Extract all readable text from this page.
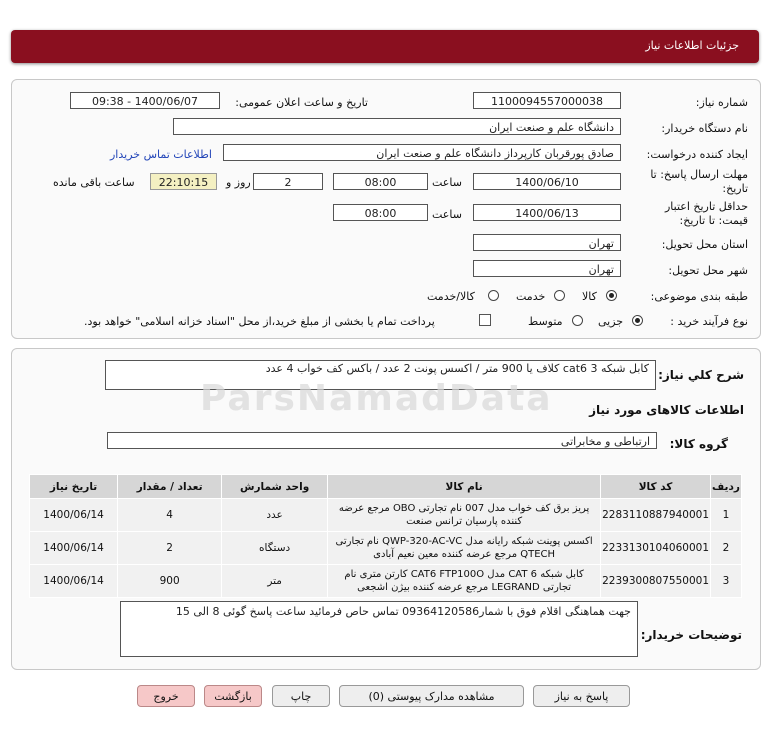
جزئیات اطلاعات نیاز
شماره نیاز:
1100094557000038
تاریخ و ساعت اعلان عمومی:
1400/06/07 - 09:38
نام دستگاه خریدار:
دانشگاه علم و صنعت ایران
ایجاد کننده درخواست:
صادق پورقربان کارپرداز دانشگاه علم و صنعت ایران
اطلاعات تماس خریدار
مهلت ارسال پاسخ: تا
تاریخ:
1400/06/10
ساعت
08:00
2
روز و
22:10:15
ساعت باقی مانده
حداقل تاریخ اعتبار
قیمت: تا تاریخ:
1400/06/13
ساعت
08:00
استان محل تحویل:
تهران
شهر محل تحویل:
تهران
طبقه بندی موضوعی:
کالا
خدمت
کالا/خدمت
نوع فرآیند خرید :
جزیی
متوسط
پرداخت تمام یا بخشی از مبلغ خرید،از محل "اسناد خزانه اسلامی" خواهد بود.
شرح كلي نياز:
کابل شبکه cat6 3 کلاف یا 900 متر / اکسس پونت 2 عدد / باکس کف خواب 4 عدد
ParsNamadData	اطلاعات کالاهای مورد نیاز
گروه کالا:
ارتباطی و مخابراتی
ردیف	کد کالا	نام کالا	واحد شمارش	تعداد / مقدار	تاریخ نیاز
1	2283110887940001	پریز برق کف خواب مدل 007 نام تجارتی OBO مرجع عرضه کننده پارسیان ترانس صنعت	عدد	4	1400/06/14
2	2233130104060001	اکسس پوینت شبکه رایانه مدل QWP-320-AC-VC نام تجارتی QTECH مرجع عرضه کننده معین نعیم آبادی	دستگاه	2	1400/06/14
3	2239300807550001	کابل شبکه CAT 6 مدل CAT6 FTP100O کارتن متری نام تجارتی LEGRAND مرجع عرضه کننده بیژن اشجعی	متر	900	1400/06/14
توضیحات خریدار:
جهت هماهنگی اقلام فوق با شمار09364120586 تماس حاص فرمائید ساعت پاسخ گوئی 8 الی 15
پاسخ به نیاز
مشاهده مدارک پیوستی (0)
چاپ
بازگشت
خروج
